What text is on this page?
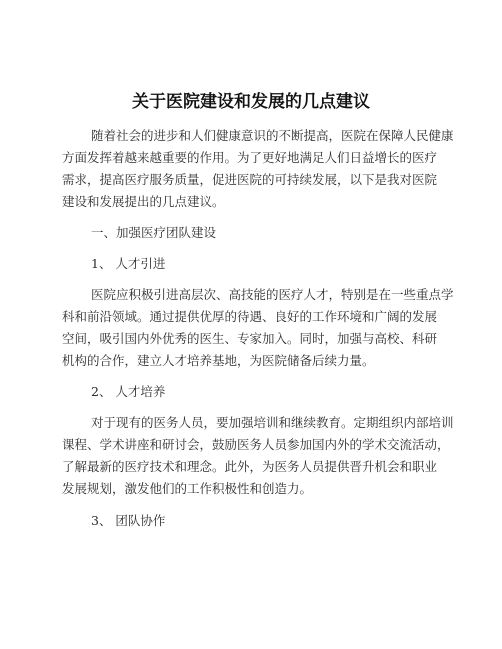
关于医院建设和发展的几点建议
随着社会的进步和人们健康意识的不断提高，医院在保障人民健康
方面发挥着越来越重要的作用。为了更好地满足人们日益增长的医疗
需求，提高医疗服务质量，促进医院的可持续发展，以下是我对医院
建设和发展提出的几点建议。
一、加强医疗团队建设
1、 人才引进
医院应积极引进高层次、高技能的医疗人才，特别是在一些重点学
科和前沿领域。通过提供优厚的待遇、良好的工作环境和广阔的发展
空间，吸引国内外优秀的医生、专家加入。同时，加强与高校、科研
机构的合作，建立人才培养基地，为医院储备后续力量。
2、 人才培养
对于现有的医务人员，要加强培训和继续教育。定期组织内部培训
课程、学术讲座和研讨会，鼓励医务人员参加国内外的学术交流活动，
了解最新的医疗技术和理念。此外，为医务人员提供晋升机会和职业
发展规划，激发他们的工作积极性和创造力。
3、 团队协作
